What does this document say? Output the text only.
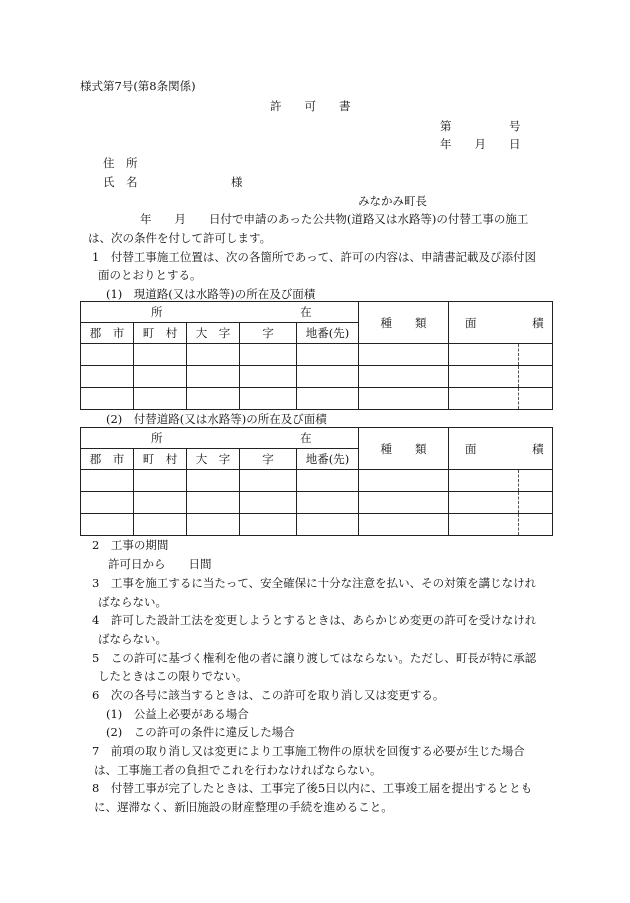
様式第7号(第8条関係)
許　　可　　書
第　　　　　号
年　　月　　日
住　所
氏　名	様
みなかみ町長
年　　月　　日付で申請のあった公共物(道路又は水路等)の付替工事の施工
は、次の条件を付して許可します。
1　付替工事施工位置は、次の各箇所であって、許可の内容は、申請書記載及び添付図
面のとおりとする。
(1)　現道路(又は水路等)の所在及び面積
所 在					種　　類	面 積	
郡　市	町　村	大　字	字	地番(先)			

(2)　付替道路(又は水路等)の所在及び面積
所 在					種　　類	面 積	
郡　市	町　村	大　字	字	地番(先)			

2　工事の期間
許可日から　　日間
3　工事を施工するに当たって、安全確保に十分な注意を払い、その対策を講じなけれ
ばならない。
4　許可した設計工法を変更しようとするときは、あらかじめ変更の許可を受けなけれ
ばならない。
5　この許可に基づく権利を他の者に譲り渡してはならない。ただし、町長が特に承認
したときはこの限りでない。
6　次の各号に該当するときは、この許可を取り消し又は変更する。
(1)　公益上必要がある場合
(2)　この許可の条件に違反した場合
7　前項の取り消し又は変更により工事施工物件の原状を回復する必要が生じた場合
は、工事施工者の負担でこれを行わなければならない。
8　付替工事が完了したときは、工事完了後5日以内に、工事竣工届を提出するととも
に、遅滞なく、新旧施設の財産整理の手続を進めること。
